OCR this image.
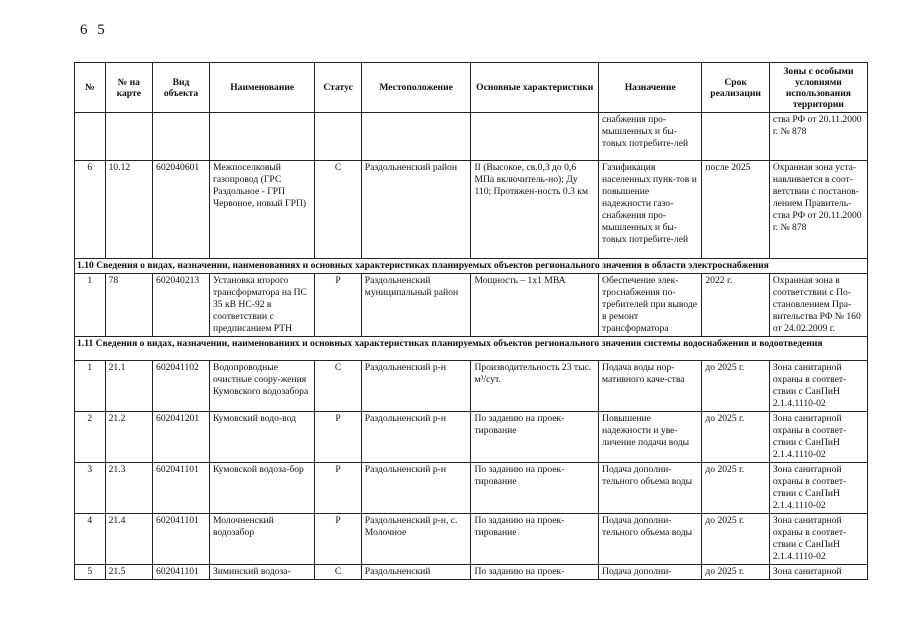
6 5
№	№ на карте	Вид объекта	Наименование	Статус	Местоположение	Основные характеристики	Назначение	Срок реализации	Зоны с особыми условиями использования территории
							снабжения про-мышленных и бы-товых потребите-лей		ства РФ от 20.11.2000 г. № 878
6	10.12	602040601	Межпоселковый газопровод (ГРС Раздольное - ГРП Червоное, новый ГРП)	С	Раздольненский район	II (Высокое, св.0,3 до 0,6 МПа включитель-но); Ду 110; Протяжен-ность 0.3 км	Газификация населенных пунк-тов и повышение надежности газо-снабжения про-мышленных и бы-товых потребите-лей	после 2025	Охранная зона уста-навливается в соот-ветствии с постанов-лением Правитель-ства РФ от 20.11.2000 г. № 878
1.10 Сведения о видах, назначении, наименованиях и основных характеристиках планируемых объектов регионального значения в области электроснабжения									
1	78	602040213	Установка второго трансформатора на ПС 35 кВ НС-92 в соответствии с предписанием РТН	Р	Раздольненский муниципальный район	Мощность – 1х1 МВА	Обеспечение элек-троснабжения по-требителей при выводе в ремонт трансформатора	2022 г.	Охранная зона в соответствии с По-становлением Пра-вительства РФ № 160 от 24.02.2009 г.
1.11 Сведения о видах, назначении, наименованиях и основных характеристиках планируемых объектов регионального значения системы водоснабжения и водоотведения									
1	21.1	602041102	Водопроводные очистные соору-жения Кумовского водозабора	С	Раздольненский р-н	Производительность 23 тыс. м³/сут.	Подача воды нор-мативного каче-ства	до 2025 г.	Зона санитарной охраны в соответ-ствии с СанПиН 2.1.4.1110-02
2	21.2	602041201	Кумовский водо-вод	Р	Раздольненский р-н	По заданию на проек-тирование	Повышение надежности и уве-личение подачи воды	до 2025 г.	Зона санитарной охраны в соответ-ствии с СанПиН 2.1.4.1110-02
3	21.3	602041101	Кумовской водоза-бор	Р	Раздольненский р-н	По заданию на проек-тирование	Подача дополни-тельного объема воды	до 2025 г.	Зона санитарной охраны в соответ-ствии с СанПиН 2.1.4.1110-02
4	21.4	602041101	Молочненский водозабор	Р	Раздольненский р-н, с. Молочное	По заданию на проек-тирование	Подача дополни-тельного объема воды	до 2025 г.	Зона санитарной охраны в соответ-ствии с СанПиН 2.1.4.1110-02
5	21.5	602041101	Зиминский водоза-	С	Раздольненский	По заданию на проек-	Подача дополни-	до 2025 г.	Зона санитарной
